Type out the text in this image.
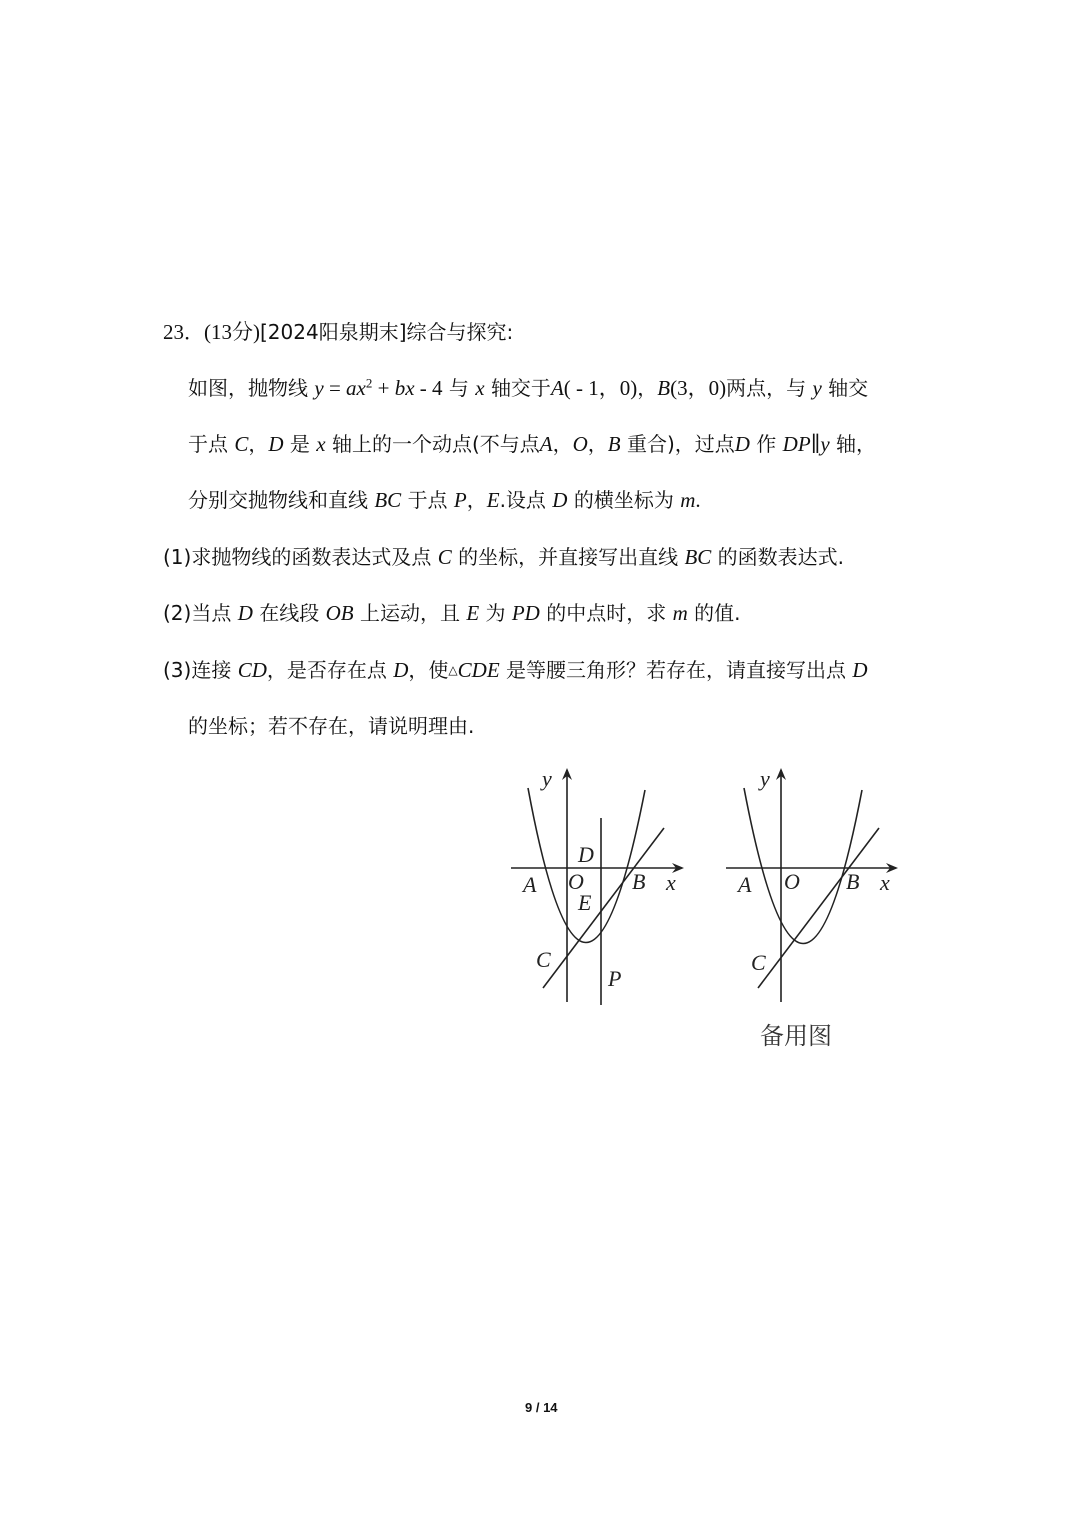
23．(13分)[2024阳泉期末]综合与探究:
如图，抛物线 $y = ax^2$ + bx - 4 与 x 轴交于A( - 1，0)，B(3，0)两点，与 y 轴交
于点 C，D 是 x 轴上的一个动点(不与点A，O，B 重合)，过点D 作 DP∥y 轴，
分别交抛物线和直线 BC 于点 P，E.设点 D 的横坐标为 m.
(1)求抛物线的函数表达式及点 C 的坐标，并直接写出直线 BC 的函数表达式.
(2)当点 D 在线段 OB 上运动，且 E 为 PD 的中点时，求 m 的值.
(3)连接 CD，是否存在点 D，使△CDE 是等腰三角形？若存在，请直接写出点 D
的坐标；若不存在，请说明理由.
y
x
A O B
D
E
C
P
y
x
A O B
C
备用图
9 / 14
